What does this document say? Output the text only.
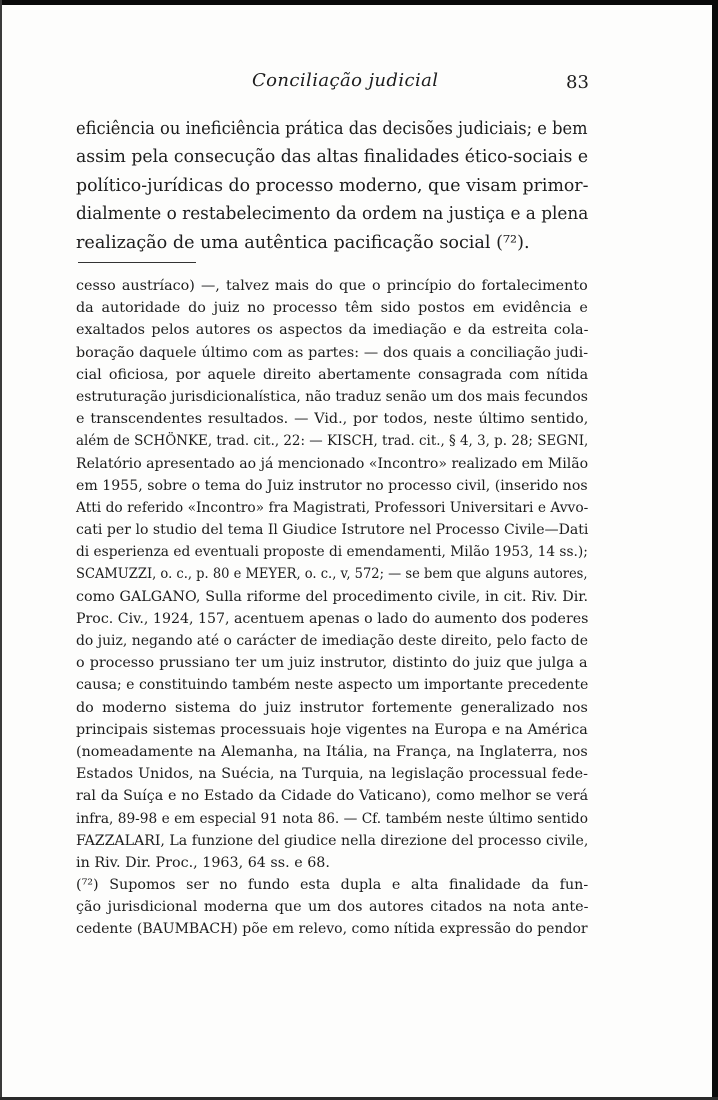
Conciliação judicial	83
eficiência ou ineficiência prática das decisões judiciais; e bem
assim pela consecução das altas finalidades ético-sociais e
político-jurídicas do processo moderno, que visam primor-
dialmente o restabelecimento da ordem na justiça e a plena
realização de uma autêntica pacificação social (⁷²).
cesso austríaco) —, talvez mais do que o princípio do fortalecimento
da autoridade do juiz no processo têm sido postos em evidência e
exaltados pelos autores os aspectos da imediação e da estreita cola-
boração daquele último com as partes: — dos quais a conciliação judi-
cial oficiosa, por aquele direito abertamente consagrada com nítida
estruturação jurisdicionalística, não traduz senão um dos mais fecundos
e transcendentes resultados. — Vid., por todos, neste último sentido,
além de SCHÖNKE, trad. cit., 22: — KISCH, trad. cit., § 4, 3, p. 28; SEGNI,
Relatório apresentado ao já mencionado «Incontro» realizado em Milão
em 1955, sobre o tema do Juiz instrutor no processo civil, (inserido nos
Atti do referido «Incontro» fra Magistrati, Professori Universitari e Avvo-
cati per lo studio del tema Il Giudice Istrutore nel Processo Civile—Dati
di esperienza ed eventuali proposte di emendamenti, Milão 1953, 14 ss.);
SCAMUZZI, o. c., p. 80 e MEYER, o. c., v, 572; — se bem que alguns autores,
como GALGANO, Sulla riforme del procedimento civile, in cit. Riv. Dir.
Proc. Civ., 1924, 157, acentuem apenas o lado do aumento dos poderes
do juiz, negando até o carácter de imediação deste direito, pelo facto de
o processo prussiano ter um juiz instrutor, distinto do juiz que julga a
causa; e constituindo também neste aspecto um importante precedente
do moderno sistema do juiz instrutor fortemente generalizado nos
principais sistemas processuais hoje vigentes na Europa e na América
(nomeadamente na Alemanha, na Itália, na França, na Inglaterra, nos
Estados Unidos, na Suécia, na Turquia, na legislação processual fede-
ral da Suíça e no Estado da Cidade do Vaticano), como melhor se verá
infra, 89-98 e em especial 91 nota 86. — Cf. também neste último sentido
FAZZALARI, La funzione del giudice nella direzione del processo civile,
in Riv. Dir. Proc., 1963, 64 ss. e 68.
(⁷²) Supomos ser no fundo esta dupla e alta finalidade da fun-
ção jurisdicional moderna que um dos autores citados na nota ante-
cedente (BAUMBACH) põe em relevo, como nítida expressão do pendor
